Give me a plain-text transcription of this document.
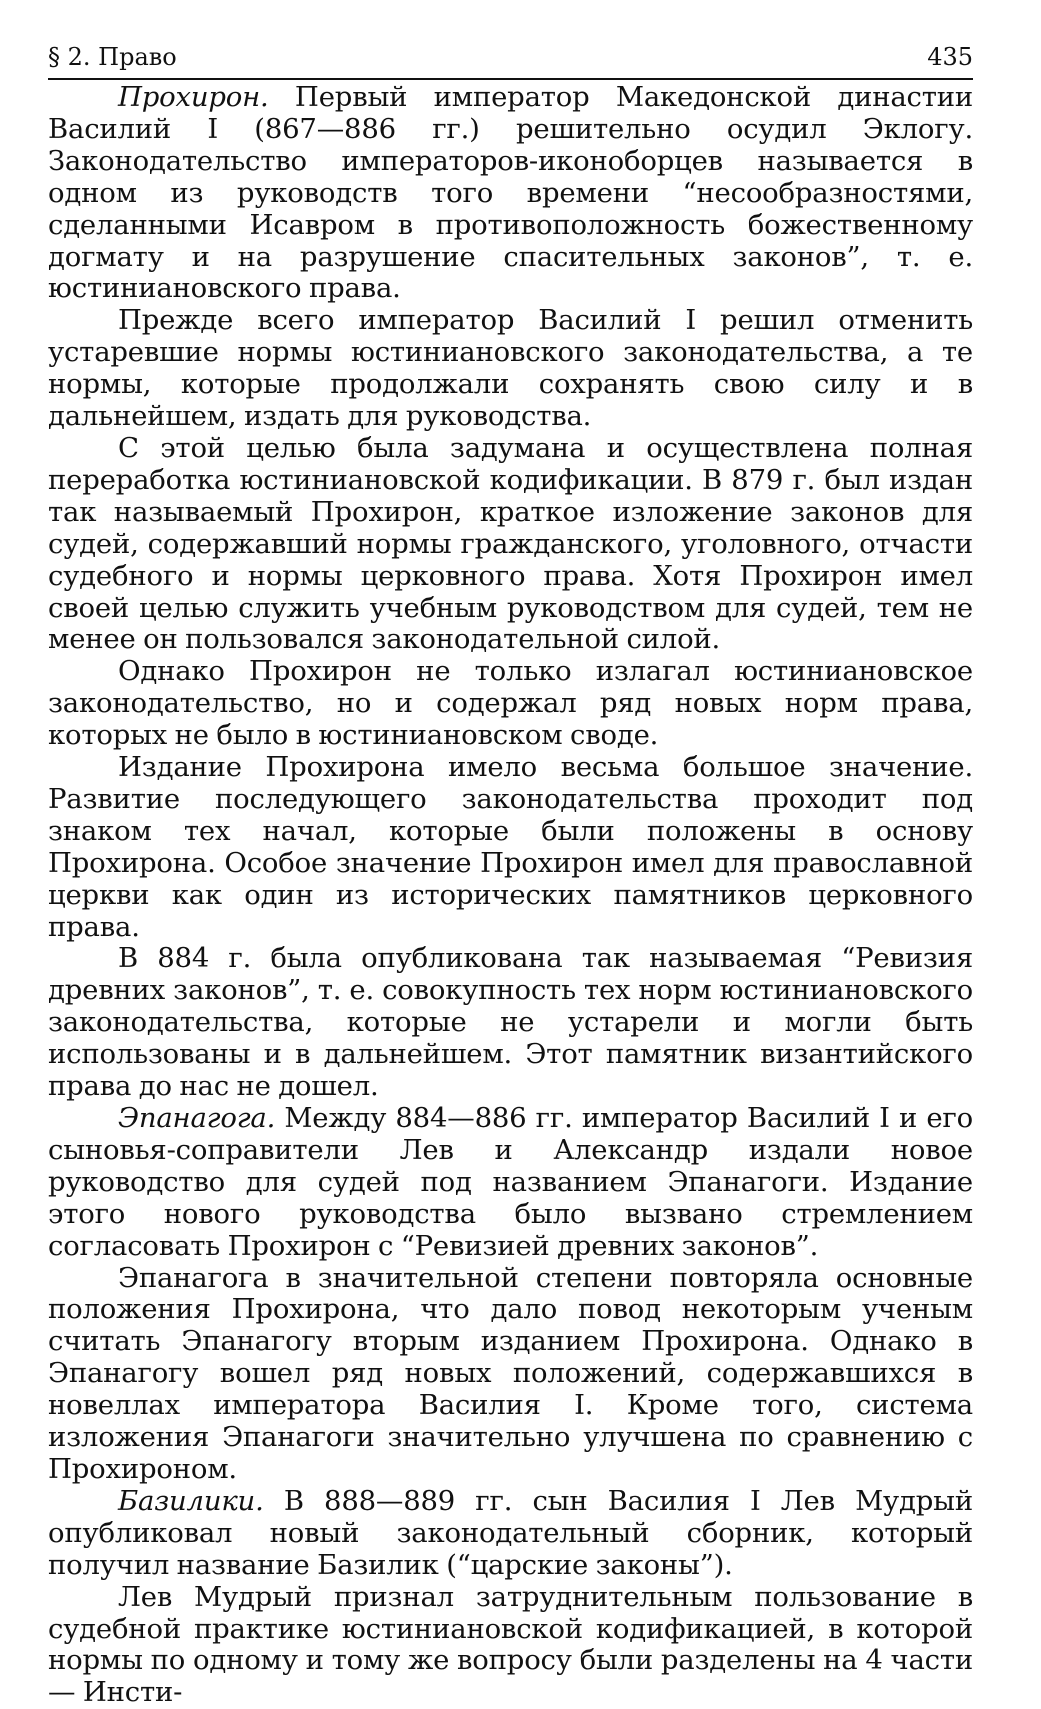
§ 2. Право	435

Прохирон. Первый император Македонской династии Василий I (867—886 гг.) решительно осудил Эклогу. Законодательство императоров-иконоборцев называется в одном из руководств того времени “несообразностями, сделанными Исавром в противоположность божественному догмату и на разрушение спасительных законов”, т. е. юстиниановского права.

Прежде всего император Василий I решил отменить устаревшие нормы юстиниановского законодательства, а те нормы, которые продолжали сохранять свою силу и в дальнейшем, издать для руководства.

С этой целью была задумана и осуществлена полная переработка юстиниановской кодификации. В 879 г. был издан так называемый Прохирон, краткое изложение законов для судей, содержавший нормы гражданского, уголовного, отчасти судебного и нормы церковного права. Хотя Прохирон имел своей целью служить учебным руководством для судей, тем не менее он пользовался законодательной силой.

Однако Прохирон не только излагал юстиниановское законодательство, но и содержал ряд новых норм права, которых не было в юстиниановском своде.

Издание Прохирона имело весьма большое значение. Развитие последующего законодательства проходит под знаком тех начал, которые были положены в основу Прохирона. Особое значение Прохирон имел для православной церкви как один из исторических памятников церковного права.

В 884 г. была опубликована так называемая “Ревизия древних законов”, т. е. совокупность тех норм юстиниановского законодательства, которые не устарели и могли быть использованы и в дальнейшем. Этот памятник византийского права до нас не дошел.

Эпанагога. Между 884—886 гг. император Василий I и его сыновья-соправители Лев и Александр издали новое руководство для судей под названием Эпанагоги. Издание этого нового руководства было вызвано стремлением согласовать Прохирон с “Ревизией древних законов”.

Эпанагога в значительной степени повторяла основные положения Прохирона, что дало повод некоторым ученым считать Эпанагогу вторым изданием Прохирона. Однако в Эпанагогу вошел ряд новых положений, содержавшихся в новеллах императора Василия I. Кроме того, система изложения Эпанагоги значительно улучшена по сравнению с Прохироном.

Базилики. В 888—889 гг. сын Василия I Лев Мудрый опубликовал новый законодательный сборник, который получил название Базилик (“царские законы”).

Лев Мудрый признал затруднительным пользование в судебной практике юстиниановской кодификацией, в которой нормы по одному и тому же вопросу были разделены на 4 части — Инсти-
